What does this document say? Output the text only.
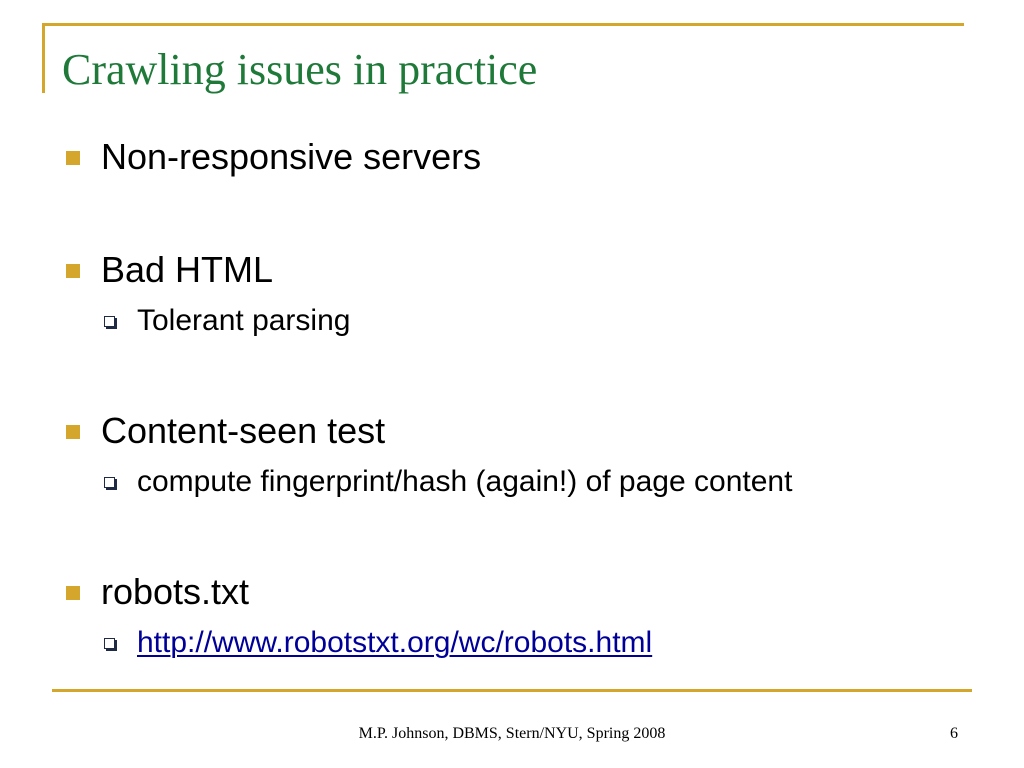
Crawling issues in practice
Non-responsive servers
Bad HTML
Tolerant parsing
Content-seen test
compute fingerprint/hash (again!) of page content
robots.txt
http://www.robotstxt.org/wc/robots.html
M.P. Johnson, DBMS, Stern/NYU, Spring 2008	6
